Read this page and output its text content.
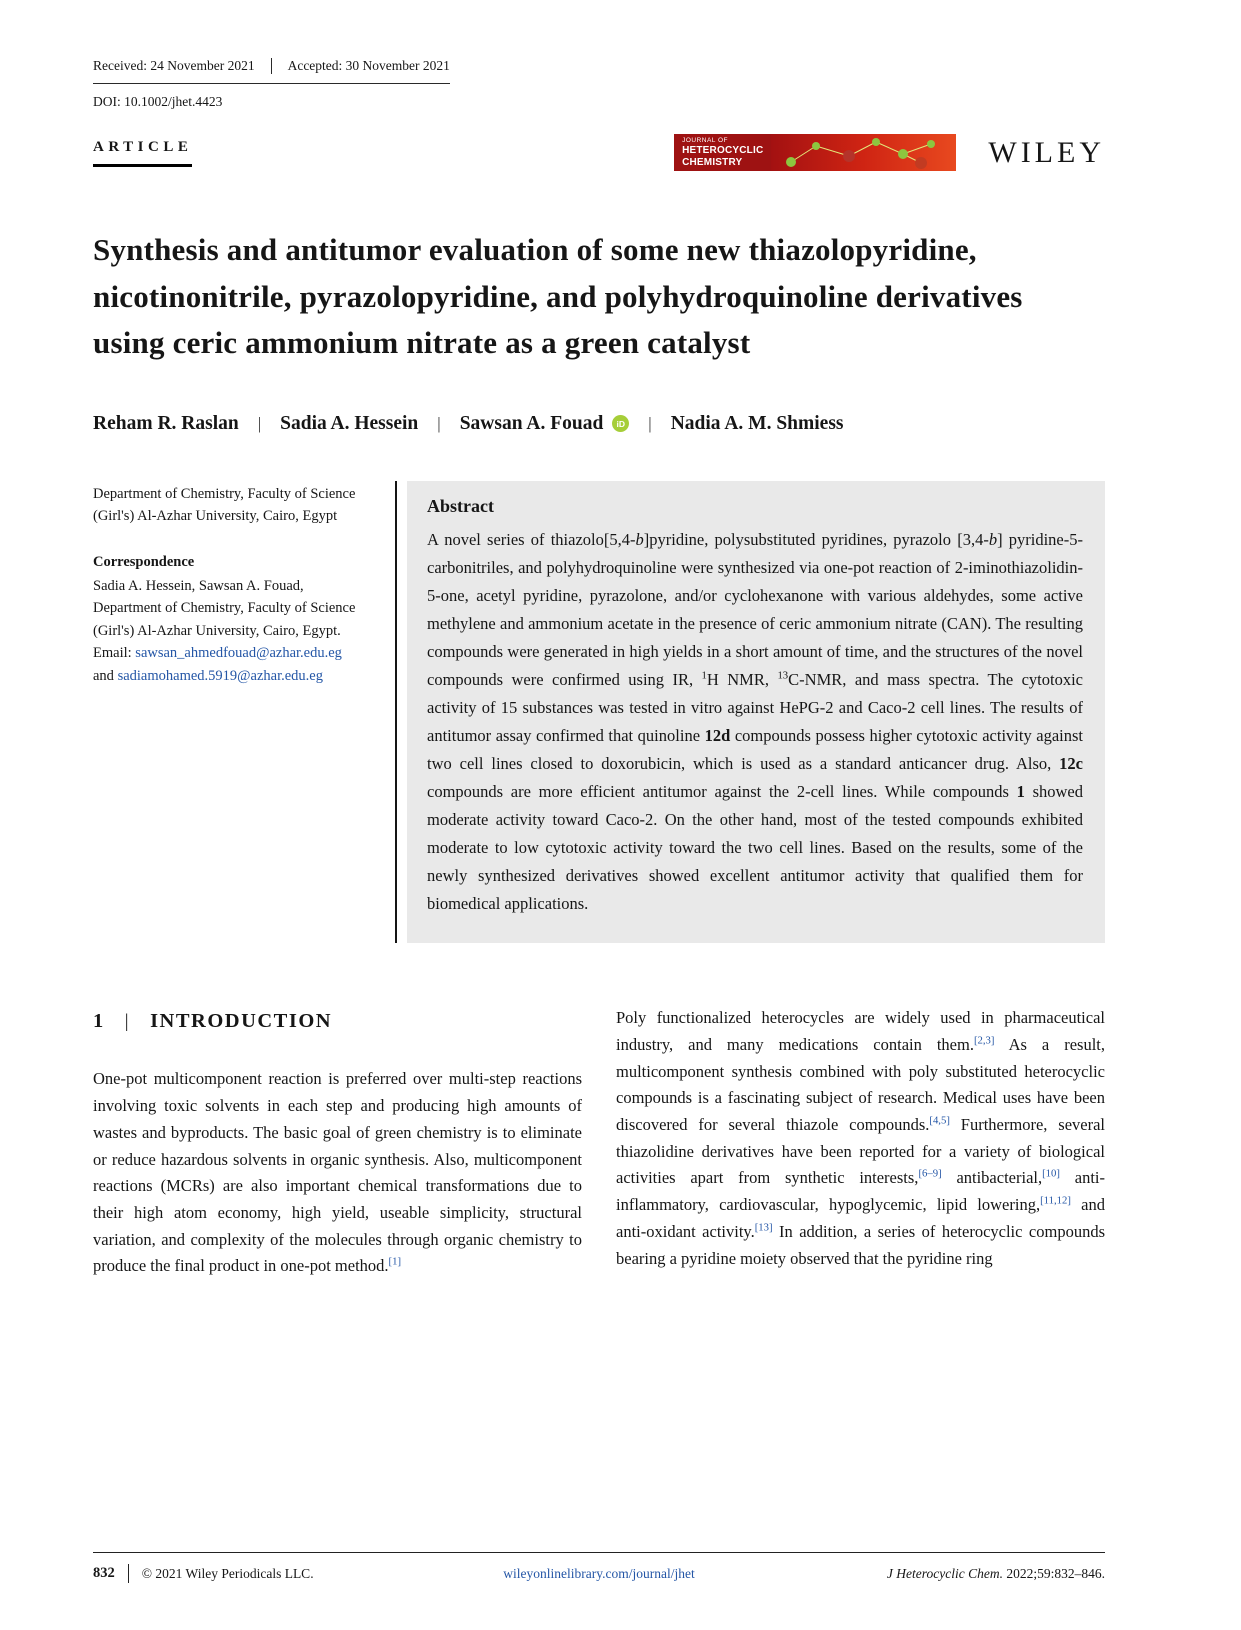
Received: 24 November 2021	Accepted: 30 November 2021
DOI: 10.1002/jhet.4423
ARTICLE	JOURNAL OF
HETEROCYCLIC
CHEMISTRY	WILEY
Synthesis and antitumor evaluation of some new thiazolopyridine, nicotinonitrile, pyrazolopyridine, and polyhydroquinoline derivatives using ceric ammonium nitrate as a green catalyst
Reham R. Raslan | Sadia A. Hessein | Sawsan A. Fouad	iD | Nadia A. M. Shmiess

Department of Chemistry, Faculty of Science (Girl's) Al-Azhar University, Cairo, Egypt

Correspondence

Sadia A. Hessein, Sawsan A. Fouad, Department of Chemistry, Faculty of Science (Girl's) Al-Azhar University, Cairo, Egypt.

Email: sawsan_ahmedfouad@azhar.edu.eg and sadiamohamed.5919@azhar.edu.eg

Abstract

A novel series of thiazolo[5,4-b]pyridine, polysubstituted pyridines, pyrazolo [3,4-b] pyridine-5-carbonitriles, and polyhydroquinoline were synthesized via one-pot reaction of 2-iminothiazolidin-5-one, acetyl pyridine, pyrazolone, and/or cyclohexanone with various aldehydes, some active methylene and ammonium acetate in the presence of ceric ammonium nitrate (CAN). The resulting compounds were generated in high yields in a short amount of time, and the structures of the novel compounds were confirmed using IR, $^1$H NMR, $^{13}$C-NMR, and mass spectra. The cytotoxic activity of 15 substances was tested in vitro against HePG-2 and Caco-2 cell lines. The results of antitumor assay confirmed that quinoline 12d compounds possess higher cytotoxic activity against two cell lines closed to doxorubicin, which is used as a standard anticancer drug. Also, 12c compounds are more efficient antitumor against the 2-cell lines. While compounds 1 showed moderate activity toward Caco-2. On the other hand, most of the tested compounds exhibited moderate to low cytotoxic activity toward the two cell lines. Based on the results, some of the newly synthesized derivatives showed excellent antitumor activity that qualified them for biomedical applications.

1 | INTRODUCTION

One-pot multicomponent reaction is preferred over multi-step reactions involving toxic solvents in each step and producing high amounts of wastes and byproducts. The basic goal of green chemistry is to eliminate or reduce hazardous solvents in organic synthesis. Also, multicomponent reactions (MCRs) are also important chemical transformations due to their high atom economy, high yield, useable simplicity, structural variation, and complexity of the molecules through organic chemistry to produce the final product in one-pot method.[1]

Poly functionalized heterocycles are widely used in pharmaceutical industry, and many medications contain them.[2,3] As a result, multicomponent synthesis combined with poly substituted heterocyclic compounds is a fascinating subject of research. Medical uses have been discovered for several thiazole compounds.[4,5] Furthermore, several thiazolidine derivatives have been reported for a variety of biological activities apart from synthetic interests,[6–9] antibacterial,[10] anti-inflammatory, cardiovascular, hypoglycemic, lipid lowering,[11,12] and anti-oxidant activity.[13] In addition, a series of heterocyclic compounds bearing a pyridine moiety observed that the pyridine ring

832 © 2021 Wiley Periodicals LLC.	wileyonlinelibrary.com/journal/jhet	J Heterocyclic Chem. 2022;59:832–846.
